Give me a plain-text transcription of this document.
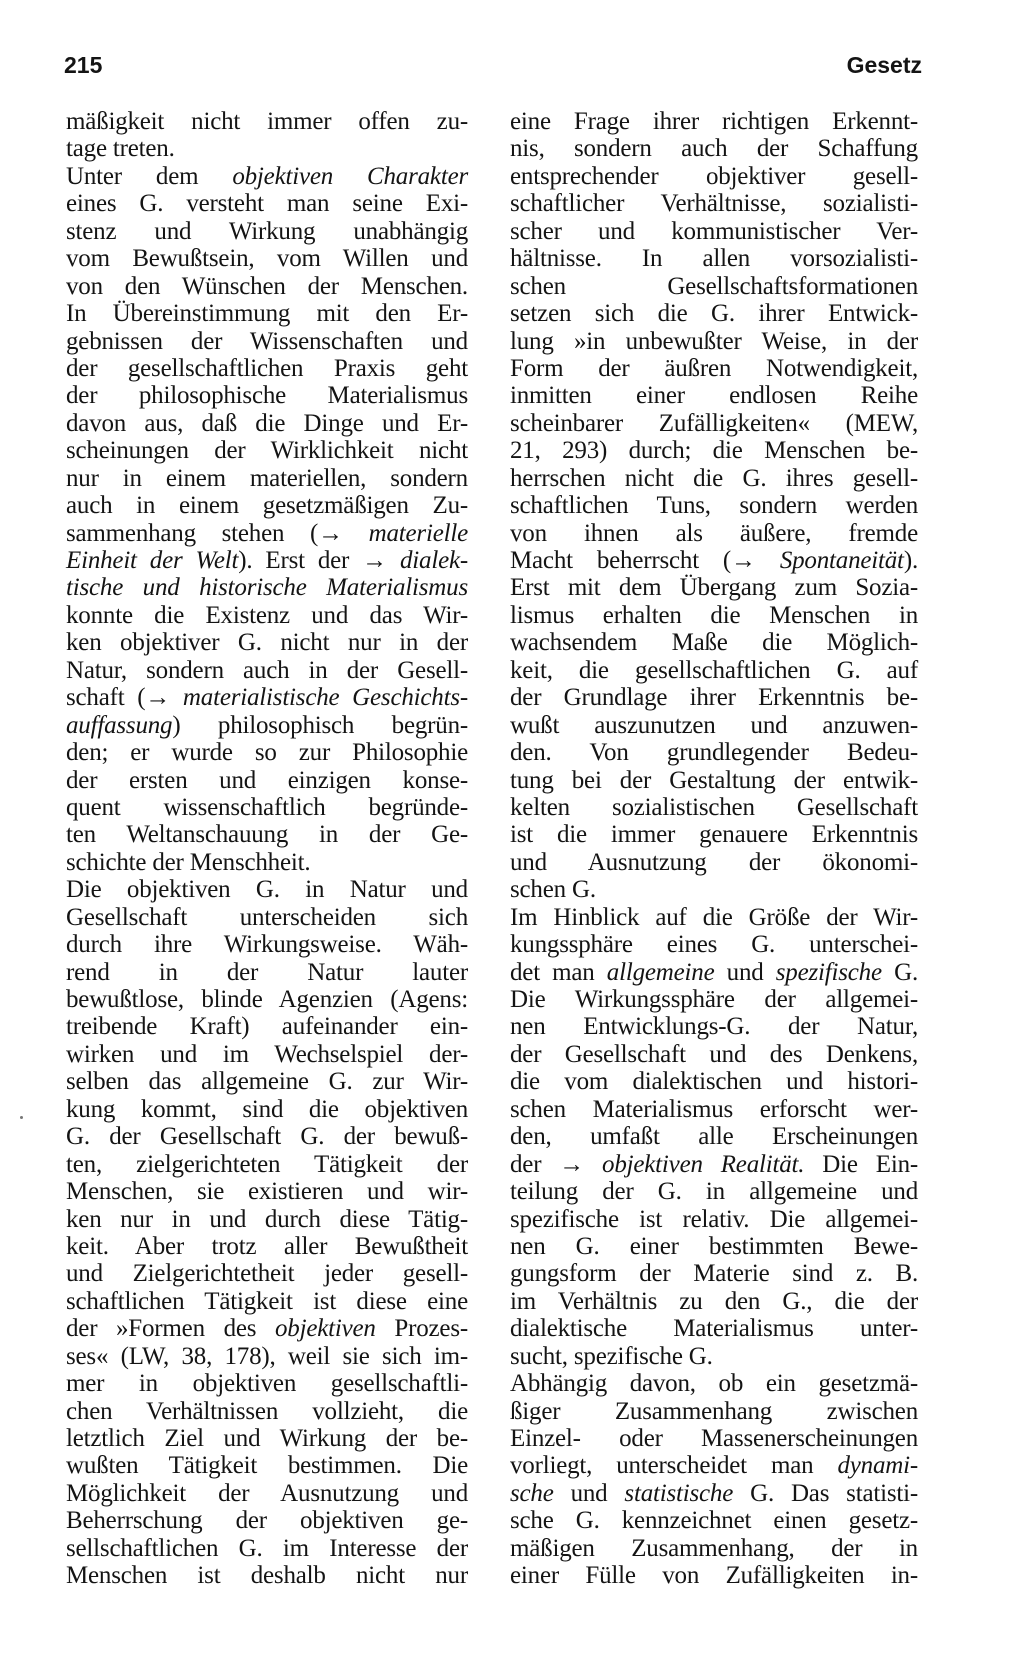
215	Gesetz
mäßigkeit nicht immer offen zu-
tage treten.
Unter dem objektiven Charakter
eines G. versteht man seine Exi-
stenz und Wirkung unabhängig
vom Bewußtsein, vom Willen und
von den Wünschen der Menschen.
In Übereinstimmung mit den Er-
gebnissen der Wissenschaften und
der gesellschaftlichen Praxis geht
der philosophische Materialismus
davon aus, daß die Dinge und Er-
scheinungen der Wirklichkeit nicht
nur in einem materiellen, sondern
auch in einem gesetzmäßigen Zu-
sammenhang stehen (→ materielle
Einheit der Welt). Erst der → dialek-
tische und historische Materialismus
konnte die Existenz und das Wir-
ken objektiver G. nicht nur in der
Natur, sondern auch in der Gesell-
schaft (→ materialistische Geschichts-
auffassung) philosophisch begrün-
den; er wurde so zur Philosophie
der ersten und einzigen konse-
quent wissenschaftlich begründe-
ten Weltanschauung in der Ge-
schichte der Menschheit.
Die objektiven G. in Natur und
Gesellschaft unterscheiden sich
durch ihre Wirkungsweise. Wäh-
rend in der Natur lauter
bewußtlose, blinde Agenzien (Agens:
treibende Kraft) aufeinander ein-
wirken und im Wechselspiel der-
selben das allgemeine G. zur Wir-
kung kommt, sind die objektiven
G. der Gesellschaft G. der bewuß-
ten, zielgerichteten Tätigkeit der
Menschen, sie existieren und wir-
ken nur in und durch diese Tätig-
keit. Aber trotz aller Bewußtheit
und Zielgerichtetheit jeder gesell-
schaftlichen Tätigkeit ist diese eine
der »Formen des objektiven Prozes-
ses« (LW, 38, 178), weil sie sich im-
mer in objektiven gesellschaftli-
chen Verhältnissen vollzieht, die
letztlich Ziel und Wirkung der be-
wußten Tätigkeit bestimmen. Die
Möglichkeit der Ausnutzung und
Beherrschung der objektiven ge-
sellschaftlichen G. im Interesse der
Menschen ist deshalb nicht nur
eine Frage ihrer richtigen Erkennt-
nis, sondern auch der Schaffung
entsprechender objektiver gesell-
schaftlicher Verhältnisse, sozialisti-
scher und kommunistischer Ver-
hältnisse. In allen vorsozialisti-
schen Gesellschaftsformationen
setzen sich die G. ihrer Entwick-
lung »in unbewußter Weise, in der
Form der äußren Notwendigkeit,
inmitten einer endlosen Reihe
scheinbarer Zufälligkeiten« (MEW,
21, 293) durch; die Menschen be-
herrschen nicht die G. ihres gesell-
schaftlichen Tuns, sondern werden
von ihnen als äußere, fremde
Macht beherrscht (→ Spontaneität).
Erst mit dem Übergang zum Sozia-
lismus erhalten die Menschen in
wachsendem Maße die Möglich-
keit, die gesellschaftlichen G. auf
der Grundlage ihrer Erkenntnis be-
wußt auszunutzen und anzuwen-
den. Von grundlegender Bedeu-
tung bei der Gestaltung der entwik-
kelten sozialistischen Gesellschaft
ist die immer genauere Erkenntnis
und Ausnutzung der ökonomi-
schen G.
Im Hinblick auf die Größe der Wir-
kungssphäre eines G. unterschei-
det man allgemeine und spezifische G.
Die Wirkungssphäre der allgemei-
nen Entwicklungs-G. der Natur,
der Gesellschaft und des Denkens,
die vom dialektischen und histori-
schen Materialismus erforscht wer-
den, umfaßt alle Erscheinungen
der → objektiven Realität. Die Ein-
teilung der G. in allgemeine und
spezifische ist relativ. Die allgemei-
nen G. einer bestimmten Bewe-
gungsform der Materie sind z. B.
im Verhältnis zu den G., die der
dialektische Materialismus unter-
sucht, spezifische G.
Abhängig davon, ob ein gesetzmä-
ßiger Zusammenhang zwischen
Einzel- oder Massenerscheinungen
vorliegt, unterscheidet man dynami-
sche und statistische G. Das statisti-
sche G. kennzeichnet einen gesetz-
mäßigen Zusammenhang, der in
einer Fülle von Zufälligkeiten in-
